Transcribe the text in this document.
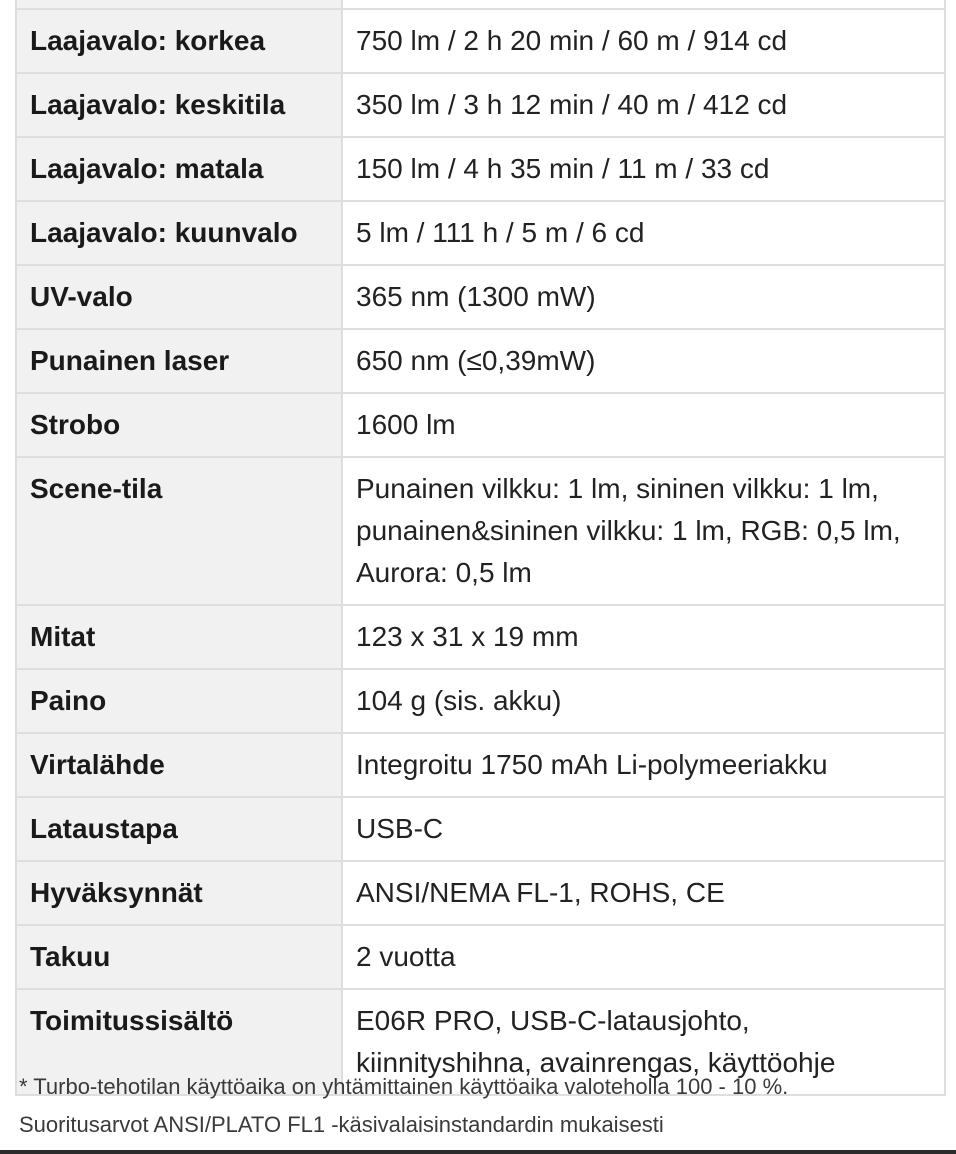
Laajavalo: korkea	750 lm / 2 h 20 min / 60 m / 914 cd
Laajavalo: keskitila	350 lm / 3 h 12 min / 40 m / 412 cd
Laajavalo: matala	150 lm / 4 h 35 min / 11 m / 33 cd
Laajavalo: kuunvalo	5 lm / 111 h / 5 m / 6 cd
UV-valo	365 nm (1300 mW)
Punainen laser	650 nm (≤0,39mW)
Strobo	1600 lm
Scene-tila	Punainen vilkku: 1 lm, sininen vilkku: 1 lm, punainen&sininen vilkku: 1 lm, RGB: 0,5 lm, Aurora: 0,5 lm
Mitat	123 x 31 x 19 mm
Paino	104 g (sis. akku)
Virtalähde	Integroitu 1750 mAh Li-polymeeriakku
Lataustapa	USB-C
Hyväksynnät	ANSI/NEMA FL-1, ROHS, CE
Takuu	2 vuotta
Toimitussisältö	E06R PRO, USB-C-latausjohto, kiinnityshihna, avainrengas, käyttöohje
* Turbo-tehotilan käyttöaika on yhtämittainen käyttöaika valoteholla 100 - 10 %.
Suoritusarvot ANSI/PLATO FL1 -käsivalaisinstandardin mukaisesti
